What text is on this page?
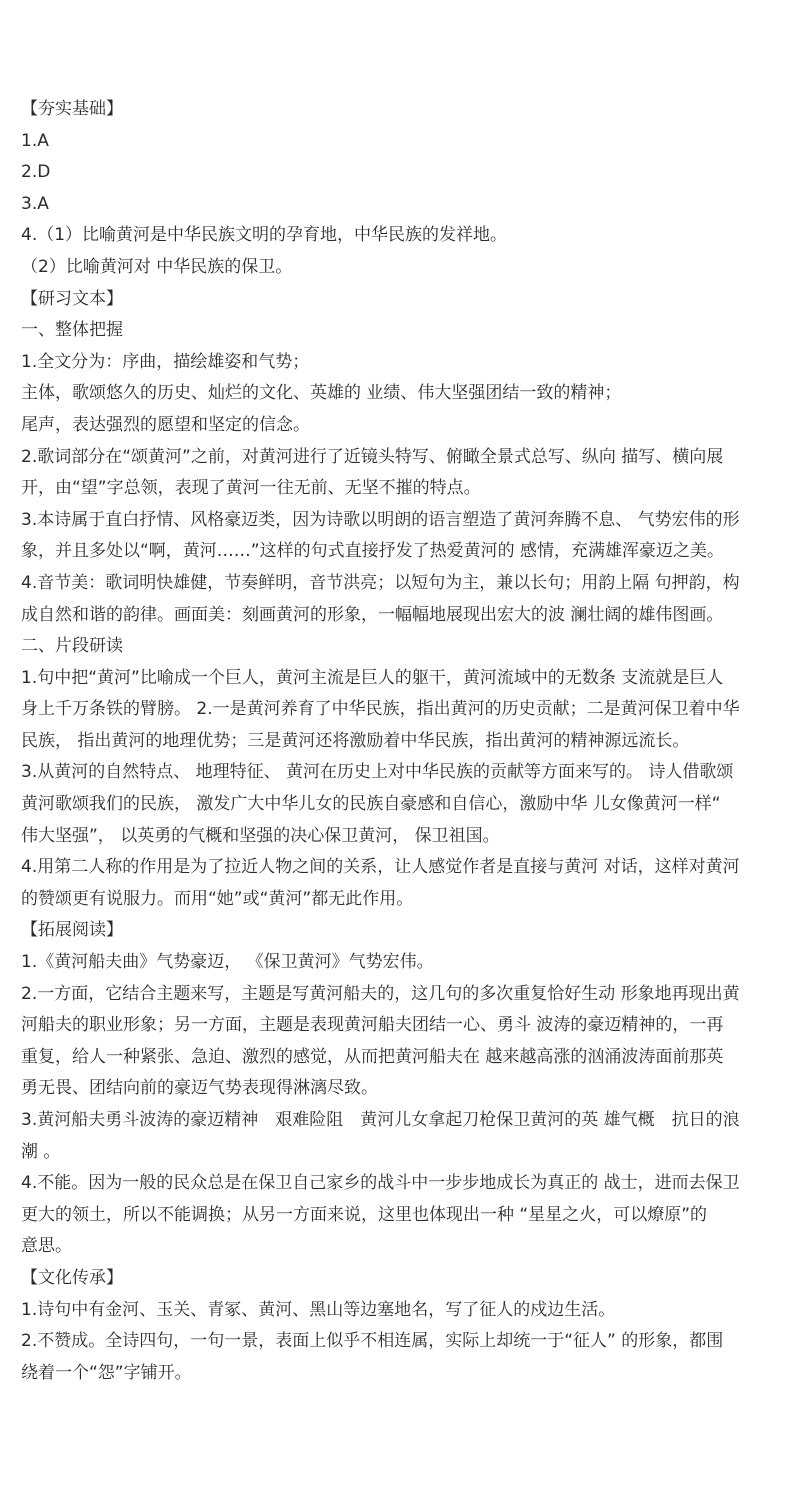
【夯实基础】
1.A
2.D
3.A
4.（1）比喻黄河是中华民族文明的孕育地，中华民族的发祥地。
（2）比喻黄河对 中华民族的保卫。
【研习文本】
一、整体把握
1.全文分为：序曲，描绘雄姿和气势；
主体，歌颂悠久的历史、灿烂的文化、英雄的 业绩、伟大坚强团结一致的精神；
尾声，表达强烈的愿望和坚定的信念。
2.歌词部分在“颂黄河”之前，对黄河进行了近镜头特写、俯瞰全景式总写、纵向 描写、横向展
开，由“望”字总领，表现了黄河一往无前、无坚不摧的特点。
3.本诗属于直白抒情、风格豪迈类，因为诗歌以明朗的语言塑造了黄河奔腾不息、 气势宏伟的形
象，并且多处以“啊，黄河……”这样的句式直接抒发了热爱黄河的 感情，充满雄浑豪迈之美。
4.音节美：歌词明快雄健，节奏鲜明，音节洪亮；以短句为主，兼以长句；用韵上隔 句押韵，构
成自然和谐的韵律。画面美：刻画黄河的形象，一幅幅地展现出宏大的波 澜壮阔的雄伟图画。
二、片段研读
1.句中把“黄河”比喻成一个巨人，黄河主流是巨人的躯干，黄河流域中的无数条 支流就是巨人
身上千万条铁的臂膀。 2.一是黄河养育了中华民族，指出黄河的历史贡献；二是黄河保卫着中华
民族， 指出黄河的地理优势；三是黄河还将激励着中华民族，指出黄河的精神源远流长。
3.从黄河的自然特点、 地理特征、 黄河在历史上对中华民族的贡献等方面来写的。 诗人借歌颂
黄河歌颂我们的民族， 激发广大中华儿女的民族自豪感和自信心，激励中华 儿女像黄河一样“
伟大坚强”， 以英勇的气概和坚强的决心保卫黄河， 保卫祖国。
4.用第二人称的作用是为了拉近人物之间的关系，让人感觉作者是直接与黄河 对话，这样对黄河
的赞颂更有说服力。而用“她”或“黄河”都无此作用。
【拓展阅读】
1.《黄河船夫曲》气势豪迈， 《保卫黄河》气势宏伟。
2.一方面，它结合主题来写，主题是写黄河船夫的，这几句的多次重复恰好生动 形象地再现出黄
河船夫的职业形象；另一方面，主题是表现黄河船夫团结一心、勇斗 波涛的豪迈精神的，一再
重复，给人一种紧张、急迫、激烈的感觉，从而把黄河船夫在 越来越高涨的汹涌波涛面前那英
勇无畏、团结向前的豪迈气势表现得淋漓尽致。
3.黄河船夫勇斗波涛的豪迈精神　艰难险阻　黄河儿女拿起刀枪保卫黄河的英 雄气概　抗日的浪
潮 。
4.不能。因为一般的民众总是在保卫自己家乡的战斗中一步步地成长为真正的 战士，进而去保卫
更大的领土，所以不能调换；从另一方面来说，这里也体现出一种 “星星之火，可以燎原”的
意思。
【文化传承】
1.诗句中有金河、玉关、青冢、黄河、黑山等边塞地名，写了征人的戍边生活。
2.不赞成。全诗四句，一句一景，表面上似乎不相连属，实际上却统一于“征人” 的形象，都围
绕着一个“怨”字铺开。
